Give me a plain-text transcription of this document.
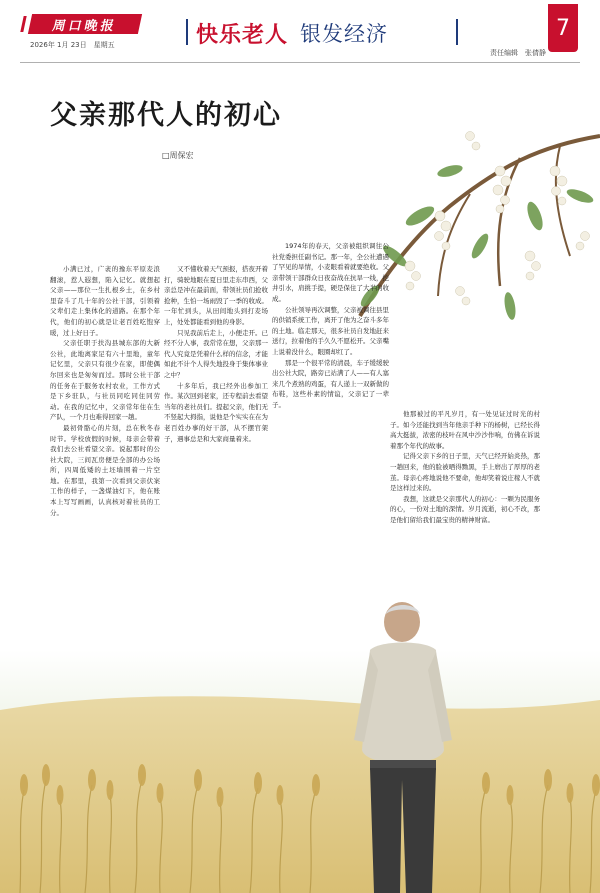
周口晚报
2026年 1月 23日　星期五	快乐老人 银发经济
责任编辑　张倩静
7
父亲那代人的初心
□周保宏

小满已过，广袤的豫东平原麦浪翻滚，惹人遐想，陷入记忆。就想起父亲——那位一生扎根乡土，在乡村里奋斗了几十年的公社干部，引领着父辈们走上集体化的道路。在那个年代，他们的初心就是让老百姓吃饱穿暖，过上好日子。

父亲任职于扶沟县城东部的大新公社，此地离家足有六十里地，童年记忆里，父亲只有很少在家，即使偶尔回来也是匆匆而过。那时公社干部的任务在于服务农村农业，工作方式是下乡驻队，与社员同吃同住同劳动。在我的记忆中，父亲常年住在生产队，一个月也难得回家一趟。

最初骨骼心的片刻，总在秋冬春时节。学校放假的时候，母亲会带着我们去公社看望父亲。说起那时的公社大院，三间瓦房便是全部的办公场所，四周低矮的土坯墙围着一片空地。在那里，我第一次看到父亲伏案工作的样子，一盏煤油灯下，他在账本上写写画画，认真核对着社员的工分。

又不懂收着天气预报，搭夜开着打，骑驶地眼在夏日里走东串西，父亲总是冲在最前面，带领社员们抢收抢种，生怕一场雨毁了一季的收成。一年忙到头，从田间地头到打麦场上，处处都能看到他的身影。

只见我前后走上，小便走开。已经不分人事，我常常在想，父亲那一代人究竟是凭着什么样的信念，才能如此不计个人得失地投身于集体事业之中？

十多年后，我已经外出参加工作。某次回到老家，还专程前去看望当年的老社员们。提起父亲，他们无不竖起大拇指，说他是个实实在在为老百姓办事的好干部，从不摆官架子，遇事总是和大家商量着来。

1974年的春天，父亲被组织调往公社党委担任副书记。那一年，全公社遭遇了罕见的旱情，小麦眼看着就要绝收。父亲带领干部群众日夜奋战在抗旱一线，挖井引水，肩挑手提，硬是保住了大半的收成。

公社领导再次调整，父亲被调往县里的供销系统工作，离开了他为之奋斗多年的土地。临走那天，很多社员自发地赶来送行，拉着他的手久久不愿松开。父亲嘴上说着没什么，眼圈却红了。

那是一个很平常的清晨，车子缓缓驶出公社大院，路旁已站满了人——有人塞来几个煮熟的鸡蛋，有人递上一双新做的布鞋，这些朴素的情谊，父亲记了一辈子。

他那被过的平凡岁月，有一处见证过时光的村子。如今还能找到当年他亲手种下的杨树，已经长得高大挺拔，浓密的枝叶在风中沙沙作响，仿佛在诉说着那个年代的故事。

记得父亲下乡的日子里，天气已经开始炎热，那一趟回来，他的脸被晒得黝黑，手上磨出了厚厚的老茧。母亲心疼地说他不要命，他却笑着说庄稼人不就是这样过来的。

我想，这就是父亲那代人的初心：一颗为民服务的心，一份对土地的深情。岁月流逝，初心不改，那是他们留给我们最宝贵的精神财富。
